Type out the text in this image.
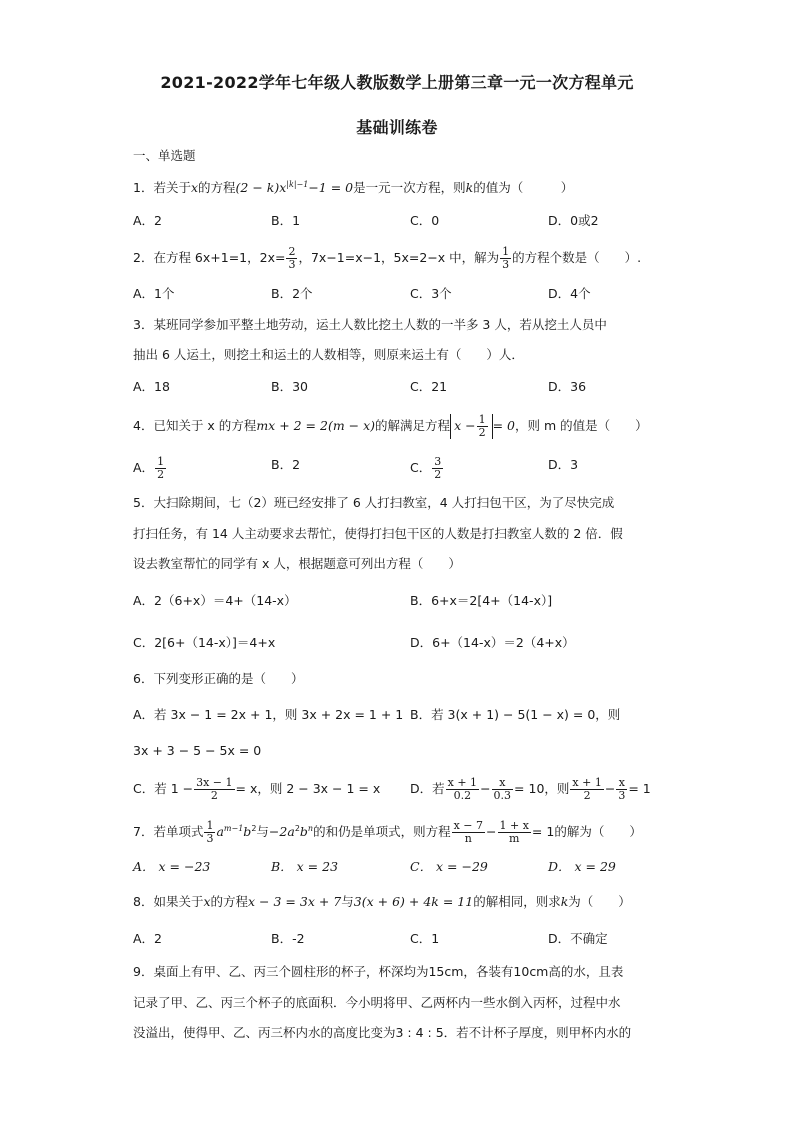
2021-2022学年七年级人教版数学上册第三章一元一次方程单元
基础训练卷
一、单选题
1．若关于x的方程$(2 - k)x^{|k|-1}-1 = 0$是一元一次方程，则k的值为（　　　）
A．2	B．1	C．0	D．0或2
2．在方程 6x+1=1，$2x= \frac{2}{3}$ ，7x−1=x−1，5x=2−x 中，解为 $\frac{1}{3}$ 的方程个数是（　　）.
A．1个	B．2个	C．3个	D．4个
3．某班同学参加平整土地劳动，运土人数比挖土人数的一半多 3 人，若从挖土人员中
抽出 6 人运土，则挖土和运土的人数相等，则原来运土有（　　）人．
A．18	B．30	C．21	D．36
4．已知关于 x 的方程mx + 2 = 2(m − x)的解满足方程 $x - \frac{1}{2} = 0$，则 m 的值是（　　）
A． $\frac{1}{2}$	B．2	C． $\frac{3}{2}$	D．3
5．大扫除期间，七（2）班已经安排了 6 人打扫教室，4 人打扫包干区，为了尽快完成
打扫任务，有 14 人主动要求去帮忙，使得打扫包干区的人数是打扫教室人数的 2 倍．假
设去教室帮忙的同学有 x 人，根据题意可列出方程（　　）
A．2（6+x）＝4+（14-x）	B．6+x＝2[4+（14-x）]
C．2[6+（14-x）]＝4+x	D．6+（14-x）＝2（4+x）
6．下列变形正确的是（　　）
A．若 3x − 1 = 2x + 1，则 3x + 2x = 1 + 1 B．若 3(x + 1) − 5(1 − x) = 0，则
3x + 3 − 5 − 5x = 0
C．若 $1 - \frac{3x - 1}{2} = x$，则 2 − 3x − 1 = x D．若 $\frac{x + 1}{0.2} - \frac{x}{0.3} = 10$，则 $\frac{x + 1}{2} - \frac{x}{3} = 1$
7．若单项式 $\frac{1}{3} a^{m-1}b^2$与$-2a^2b^n$的和仍是单项式，则方程 $\frac{x - 7}{n} - \frac{1 + x}{m} = 1$的解为（　　）
A． x = −23	B． x = 23	C． x = −29	D． x = 29
8．如果关于x的方程x − 3 = 3x + 7与3(x + 6) + 4k = 11的解相同，则求k为（　　）
A．2	B．-2	C．1	D．不确定
9．桌面上有甲、乙、丙三个圆柱形的杯子，杯深均为15cm，各装有10cm高的水，且表
记录了甲、乙、丙三个杯子的底面积．今小明将甲、乙两杯内一些水倒入丙杯，过程中水
没溢出，使得甲、乙、丙三杯内水的高度比变为3 : 4 : 5．若不计杯子厚度，则甲杯内水的
